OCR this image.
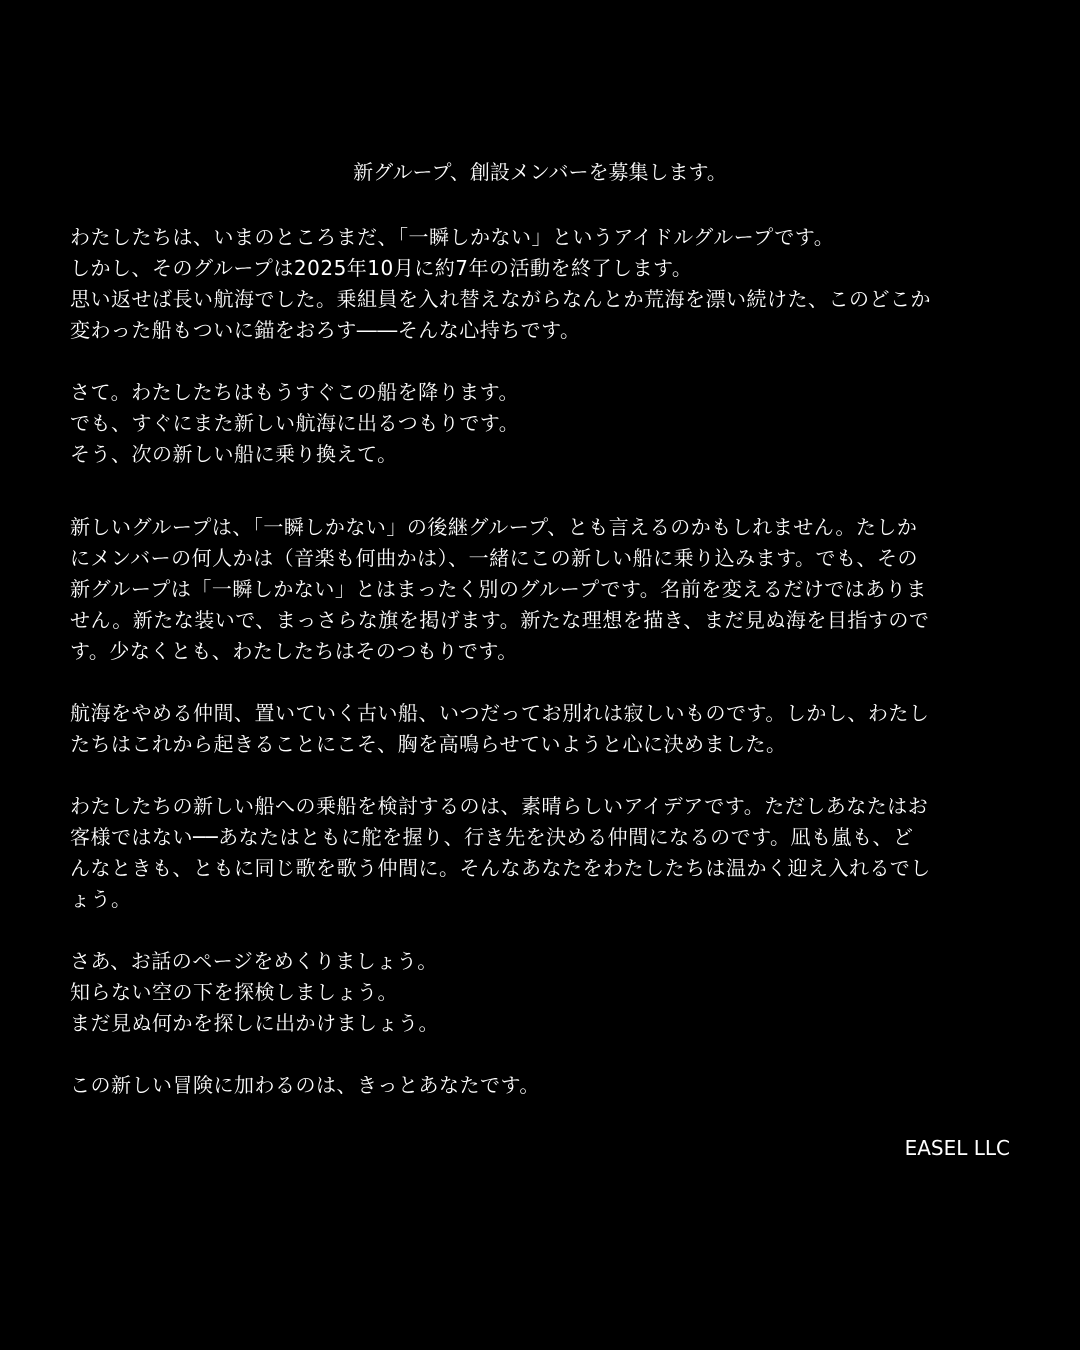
新グループ、創設メンバーを募集します。
わたしたちは、いまのところまだ、「一瞬しかない」というアイドルグループです。
しかし、そのグループは2025年10月に約7年の活動を終了します。
思い返せば長い航海でした。乗組員を入れ替えながらなんとか荒海を漂い続けた、このどこか
変わった船もついに錨をおろす――そんな心持ちです。
さて。わたしたちはもうすぐこの船を降ります。
でも、すぐにまた新しい航海に出るつもりです。
そう、次の新しい船に乗り換えて。
新しいグループは、「一瞬しかない」の後継グループ、とも言えるのかもしれません。たしか
にメンバーの何人かは（音楽も何曲かは）、一緒にこの新しい船に乗り込みます。でも、その
新グループは「一瞬しかない」とはまったく別のグループです。名前を変えるだけではありま
せん。新たな装いで、まっさらな旗を掲げます。新たな理想を描き、まだ見ぬ海を目指すので
す。少なくとも、わたしたちはそのつもりです。
航海をやめる仲間、置いていく古い船、いつだってお別れは寂しいものです。しかし、わたし
たちはこれから起きることにこそ、胸を高鳴らせていようと心に決めました。
わたしたちの新しい船への乗船を検討するのは、素晴らしいアイデアです。ただしあなたはお
客様ではない──あなたはともに舵を握り、行き先を決める仲間になるのです。凪も嵐も、ど
んなときも、ともに同じ歌を歌う仲間に。そんなあなたをわたしたちは温かく迎え入れるでし
ょう。
さあ、お話のページをめくりましょう。
知らない空の下を探検しましょう。
まだ見ぬ何かを探しに出かけましょう。
この新しい冒険に加わるのは、きっとあなたです。
EASEL LLC
